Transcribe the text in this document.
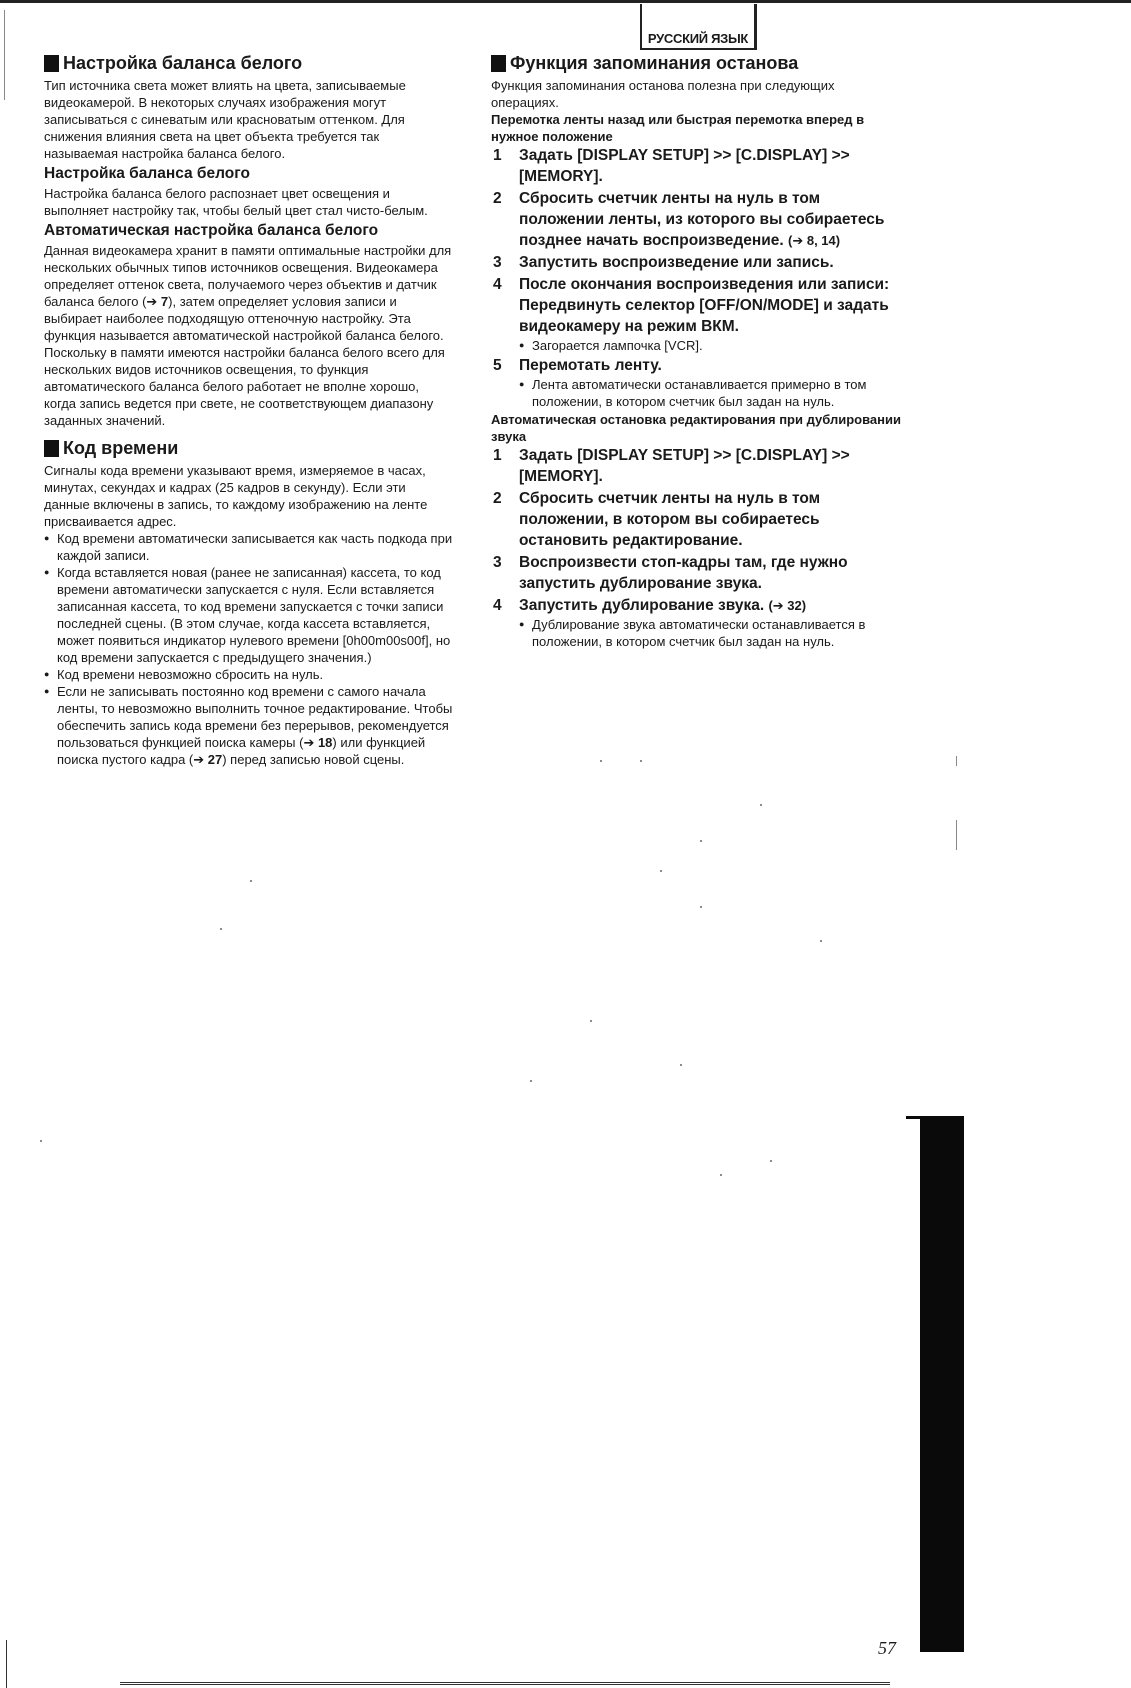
РУССКИЙ ЯЗЫК
Настройка баланса белого

Тип источника света может влиять на цвета, записываемые видеокамерой. В некоторых случаях изображения могут записываться с синеватым или красноватым оттенком. Для снижения влияния света на цвет объекта требуется так называемая настройка баланса белого.

Настройка баланса белого

Настройка баланса белого распознает цвет освещения и выполняет настройку так, чтобы белый цвет стал чисто-белым.

Автоматическая настройка баланса белого

Данная видеокамера хранит в памяти оптимальные настройки для нескольких обычных типов источников освещения. Видеокамера определяет оттенок света, получаемого через объектив и датчик баланса белого (➔ 7), затем определяет условия записи и выбирает наиболее подходящую оттеночную настройку. Эта функция называется автоматической настройкой баланса белого.

Поскольку в памяти имеются настройки баланса белого всего для нескольких видов источников освещения, то функция автоматического баланса белого работает не вполне хорошо, когда запись ведется при свете, не соответствующем диапазону заданных значений.

Код времени

Сигналы кода времени указывают время, измеряемое в часах, минутах, секундах и кадрах (25 кадров в секунду). Если эти данные включены в запись, то каждому изображению на ленте присваивается адрес.

● Код времени автоматически записывается как часть подкода при каждой записи.
● Когда вставляется новая (ранее не записанная) кассета, то код времени автоматически запускается с нуля. Если вставляется записанная кассета, то код времени запускается с точки записи последней сцены. (В этом случае, когда кассета вставляется, может появиться индикатор нулевого времени [0h00m00s00f], но код времени запускается с предыдущего значения.)
● Код времени невозможно сбросить на нуль.
● Если не записывать постоянно код времени с самого начала ленты, то невозможно выполнить точное редактирование. Чтобы обеспечить запись кода времени без перерывов, рекомендуется пользоваться функцией поиска камеры (➔ 18) или функцией поиска пустого кадра (➔ 27) перед записью новой сцены.
Функция запоминания останова

Функция запоминания останова полезна при следующих операциях.

Перемотка ленты назад или быстрая перемотка вперед в нужное положение

1 Задать [DISPLAY SETUP] >> [C.DISPLAY] >> [MEMORY].
2 Сбросить счетчик ленты на нуль в том положении ленты, из которого вы собираетесь позднее начать воспроизведение. (➔ 8, 14)
3 Запустить воспроизведение или запись.
4 После окончания воспроизведения или записи:
Передвинуть селектор [OFF/ON/MODE] и задать видеокамеру на режим ВКМ.
● Загорается лампочка [VCR].
5 Перемотать ленту.
● Лента автоматически останавливается примерно в том положении, в котором счетчик был задан на нуль.

Автоматическая остановка редактирования при дублировании звука

1 Задать [DISPLAY SETUP] >> [C.DISPLAY] >> [MEMORY].
2 Сбросить счетчик ленты на нуль в том положении, в котором вы собираетесь остановить редактирование.
3 Воспроизвести стоп-кадры там, где нужно запустить дублирование звука.
4 Запустить дублирование звука. (➔ 32)
● Дублирование звука автоматически останавливается в положении, в котором счетчик был задан на нуль.
57
